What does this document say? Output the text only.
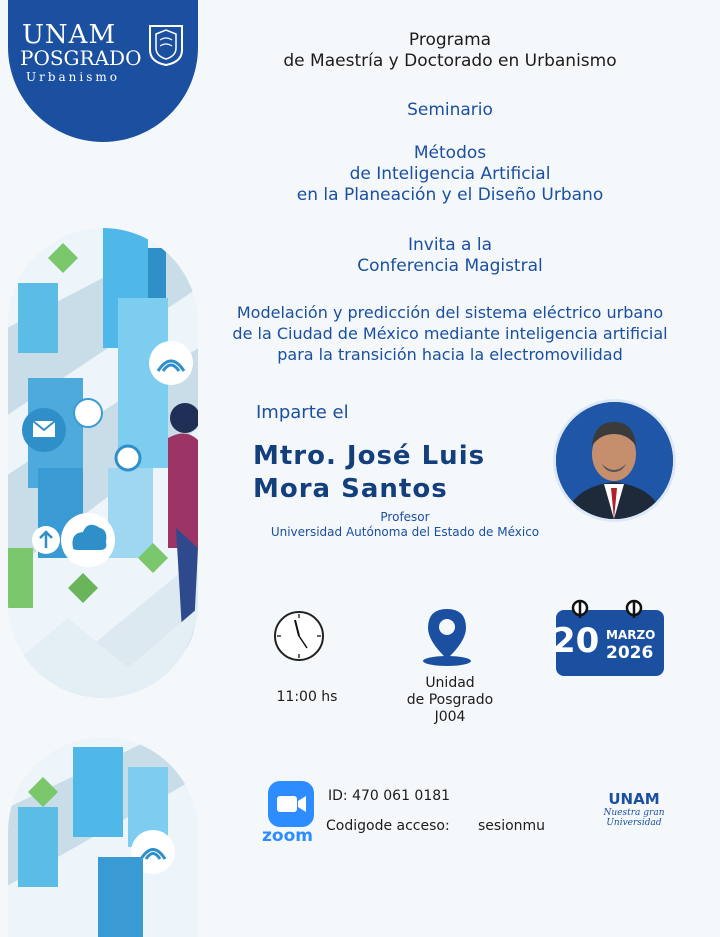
UNAM
POSGRADO
Urbanismo
Programa
de Maestría y Doctorado en Urbanismo
Seminario
Métodos
de Inteligencia Artificial
en la Planeación y el Diseño Urbano
Invita a la
Conferencia Magistral
Modelación y predicción del sistema eléctrico urbano
de la Ciudad de México mediante inteligencia artificial
para la transición hacia la electromovilidad
Imparte el
Mtro. José Luis
Mora Santos
Profesor
Universidad Autónoma del Estado de México
11:00 hs
Unidad
de Posgrado
J004
20 MARZO
2026
zoom
ID: 470 061 0181
Codigode acceso: sesionmu
UNAM
Nuestra gran
Universidad
